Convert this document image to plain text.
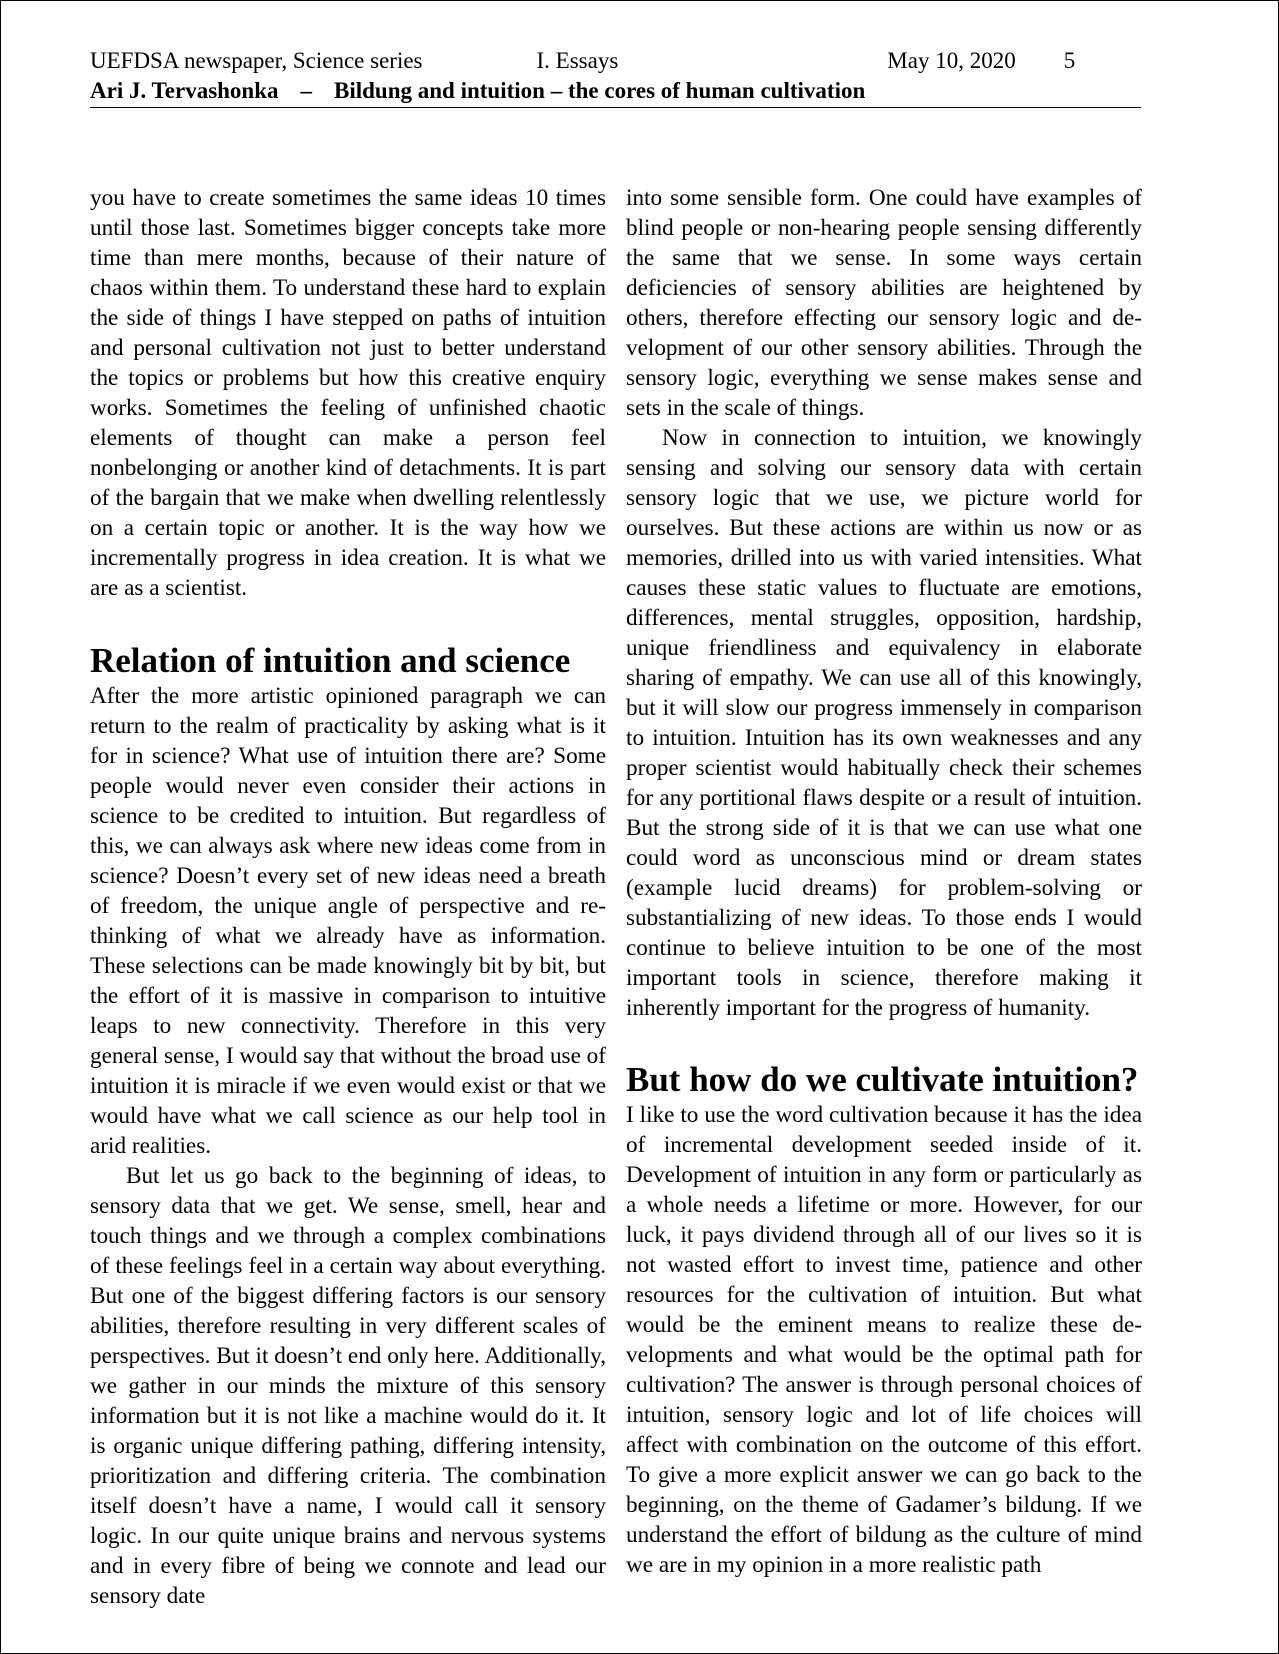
UEFDSA newspaper, Science series	I. Essays	May 10, 2020 5
Ari J. Tervashonka – Bildung and intuition – the cores of human cultivation

you have to create sometimes the same ideas 10 times until those last. Sometimes bigger concepts take more time than mere months, because of their nature of chaos within them. To understand these hard to explain the side of things I have stepped on paths of intuition and personal cultivation not just to better understand the topics or problems but how this creative enquiry works. Sometimes the feeling of unfinished chaotic elements of thought can make a person feel nonbelonging or another kind of detachments. It is part of the bargain that we make when dwelling relentlessly on a certain topic or another. It is the way how we incrementally progress in idea creation. It is what we are as a scientist.

Relation of intuition and science

After the more artistic opinioned paragraph we can return to the realm of practicality by asking what is it for in science? What use of intuition there are? Some people would never even consider their actions in science to be credited to intuition. But regardless of this, we can always ask where new ideas come from in science? Doesn’t every set of new ideas need a breath of freedom, the unique angle of perspective and re-thinking of what we already have as information. These selections can be made knowingly bit by bit, but the effort of it is massive in comparison to intuitive leaps to new connectivity. Therefore in this very general sense, I would say that without the broad use of intuition it is miracle if we even would exist or that we would have what we call science as our help tool in arid realities.

But let us go back to the beginning of ideas, to sensory data that we get. We sense, smell, hear and touch things and we through a complex combinations of these feelings feel in a certain way about everything. But one of the biggest differing factors is our sensory abilities, therefore resulting in very different scales of perspectives. But it doesn’t end only here. Additionally, we gather in our minds the mixture of this sensory information but it is not like a machine would do it. It is organic unique differing pathing, differing intensity, prioritization and differing criteria. The combination itself doesn’t have a name, I would call it sensory logic. In our quite unique brains and nervous systems and in every fibre of being we connote and lead our sensory date

into some sensible form. One could have examples of blind people or non-hearing people sensing differently the same that we sense. In some ways certain deficiencies of sensory abilities are heightened by others, therefore effecting our sensory logic and development of our other sensory abilities. Through the sensory logic, everything we sense makes sense and sets in the scale of things.

Now in connection to intuition, we knowingly sensing and solving our sensory data with certain sensory logic that we use, we picture world for ourselves. But these actions are within us now or as memories, drilled into us with varied intensities. What causes these static values to fluctuate are emotions, differences, mental struggles, opposition, hardship, unique friendliness and equivalency in elaborate sharing of empathy. We can use all of this knowingly, but it will slow our progress immensely in comparison to intuition. Intuition has its own weaknesses and any proper scientist would habitually check their schemes for any portitional flaws despite or a result of intuition. But the strong side of it is that we can use what one could word as unconscious mind or dream states (example lucid dreams) for problem-solving or substantializing of new ideas. To those ends I would continue to believe intuition to be one of the most important tools in science, therefore making it inherently important for the progress of humanity.

But how do we cultivate intuition?

I like to use the word cultivation because it has the idea of incremental development seeded inside of it. Development of intuition in any form or particularly as a whole needs a lifetime or more. However, for our luck, it pays dividend through all of our lives so it is not wasted effort to invest time, patience and other resources for the cultivation of intuition. But what would be the eminent means to realize these developments and what would be the optimal path for cultivation? The answer is through personal choices of intuition, sensory logic and lot of life choices will affect with combination on the outcome of this effort. To give a more explicit answer we can go back to the beginning, on the theme of Gadamer’s bildung. If we understand the effort of bildung as the culture of mind we are in my opinion in a more realistic path
